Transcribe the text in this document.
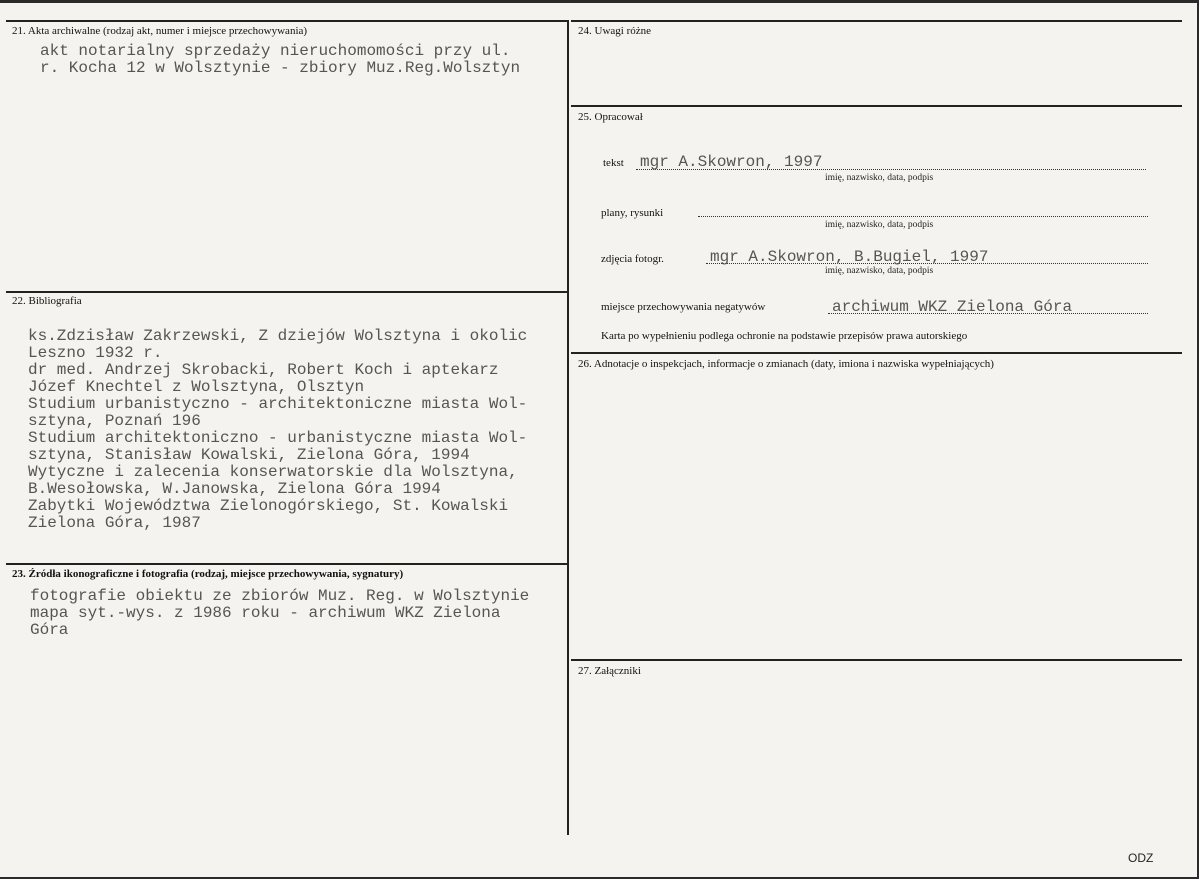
21. Akta archiwalne (rodzaj akt, numer i miejsce przechowywania)
akt notarialny sprzedaży nieruchomomości przy ul.
r. Kocha 12 w Wolsztynie - zbiory Muz.Reg.Wolsztyn
22. Bibliografia
ks.Zdzisław Zakrzewski, Z dziejów Wolsztyna i okolic
Leszno 1932 r.
dr med. Andrzej Skrobacki, Robert Koch i aptekarz
Józef Knechtel z Wolsztyna, Olsztyn
Studium urbanistyczno - architektoniczne miasta Wol-
sztyna, Poznań 196
Studium architektoniczno - urbanistyczne miasta Wol-
sztyna, Stanisław Kowalski, Zielona Góra, 1994
Wytyczne i zalecenia konserwatorskie dla Wolsztyna,
B.Wesołowska, W.Janowska, Zielona Góra 1994
Zabytki Województwa Zielonogórskiego, St. Kowalski
Zielona Góra, 1987
23. Źródła ikonograficzne i fotografia (rodzaj, miejsce przechowywania, sygnatury)
fotografie obiektu ze zbiorów Muz. Reg. w Wolsztynie
mapa syt.-wys. z 1986 roku - archiwum WKZ Zielona
Góra
24. Uwagi różne
25. Opracował
tekst mgr A.Skowron, 1997
imię, nazwisko, data, podpis
plany, rysunki
imię, nazwisko, data, podpis
zdjęcia fotogr.	mgr A.Skowron, B.Bugiel, 1997
imię, nazwisko, data, podpis
miejsce przechowywania negatywów	archiwum WKZ Zielona Góra
Karta po wypełnieniu podlega ochronie na podstawie przepisów prawa autorskiego
26. Adnotacje o inspekcjach, informacje o zmianach (daty, imiona i nazwiska wypełniających)
27. Załączniki
ODZ
